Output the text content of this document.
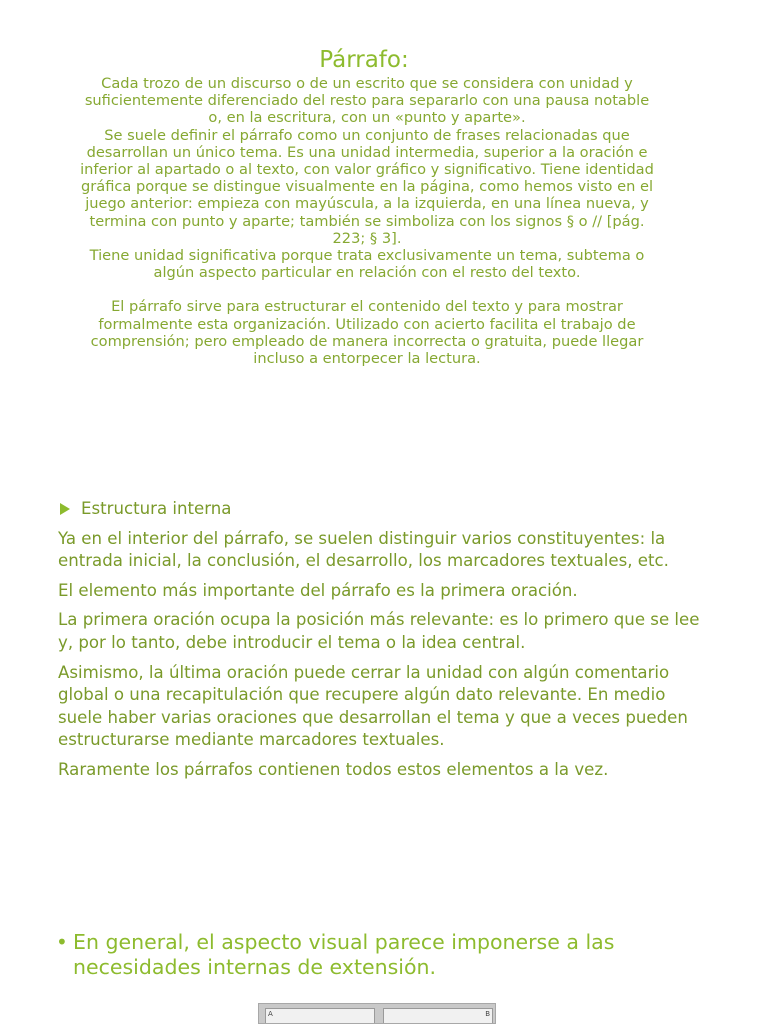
Párrafo:

Cada trozo de un discurso o de un escrito que se considera con unidad y suficientemente diferenciado del resto para separarlo con una pausa notable o, en la escritura, con un «punto y aparte».

Se suele definir el párrafo como un conjunto de frases relacionadas que desarrollan un único tema. Es una unidad intermedia, superior a la oración e inferior al apartado o al texto, con valor gráfico y significativo. Tiene identidad gráfica porque se distingue visualmente en la página, como hemos visto en el juego anterior: empieza con mayúscula, a la izquierda, en una línea nueva, y termina con punto y aparte; también se simboliza con los signos § o // [pág. 223; § 3].

Tiene unidad significativa porque trata exclusivamente un tema, subtema o algún aspecto particular en relación con el resto del texto.

El párrafo sirve para estructurar el contenido del texto y para mostrar formalmente esta organización. Utilizado con acierto facilita el trabajo de comprensión; pero empleado de manera incorrecta o gratuita, puede llegar incluso a entorpecer la lectura.

Estructura interna

Ya en el interior del párrafo, se suelen distinguir varios constituyentes: la entrada inicial, la conclusión, el desarrollo, los marcadores textuales, etc.

El elemento más importante del párrafo es la primera oración.

La primera oración ocupa la posición más relevante: es lo primero que se lee y, por lo tanto, debe introducir el tema o la idea central.

Asimismo, la última oración puede cerrar la unidad con algún comentario global o una recapitulación que recupere algún dato relevante. En medio suele haber varias oraciones que desarrollan el tema y que a veces pueden estructurarse mediante marcadores textuales.

Raramente los párrafos contienen todos estos elementos a la vez.

• En general, el aspecto visual parece imponerse a las necesidades internas de extensión.
A	B
